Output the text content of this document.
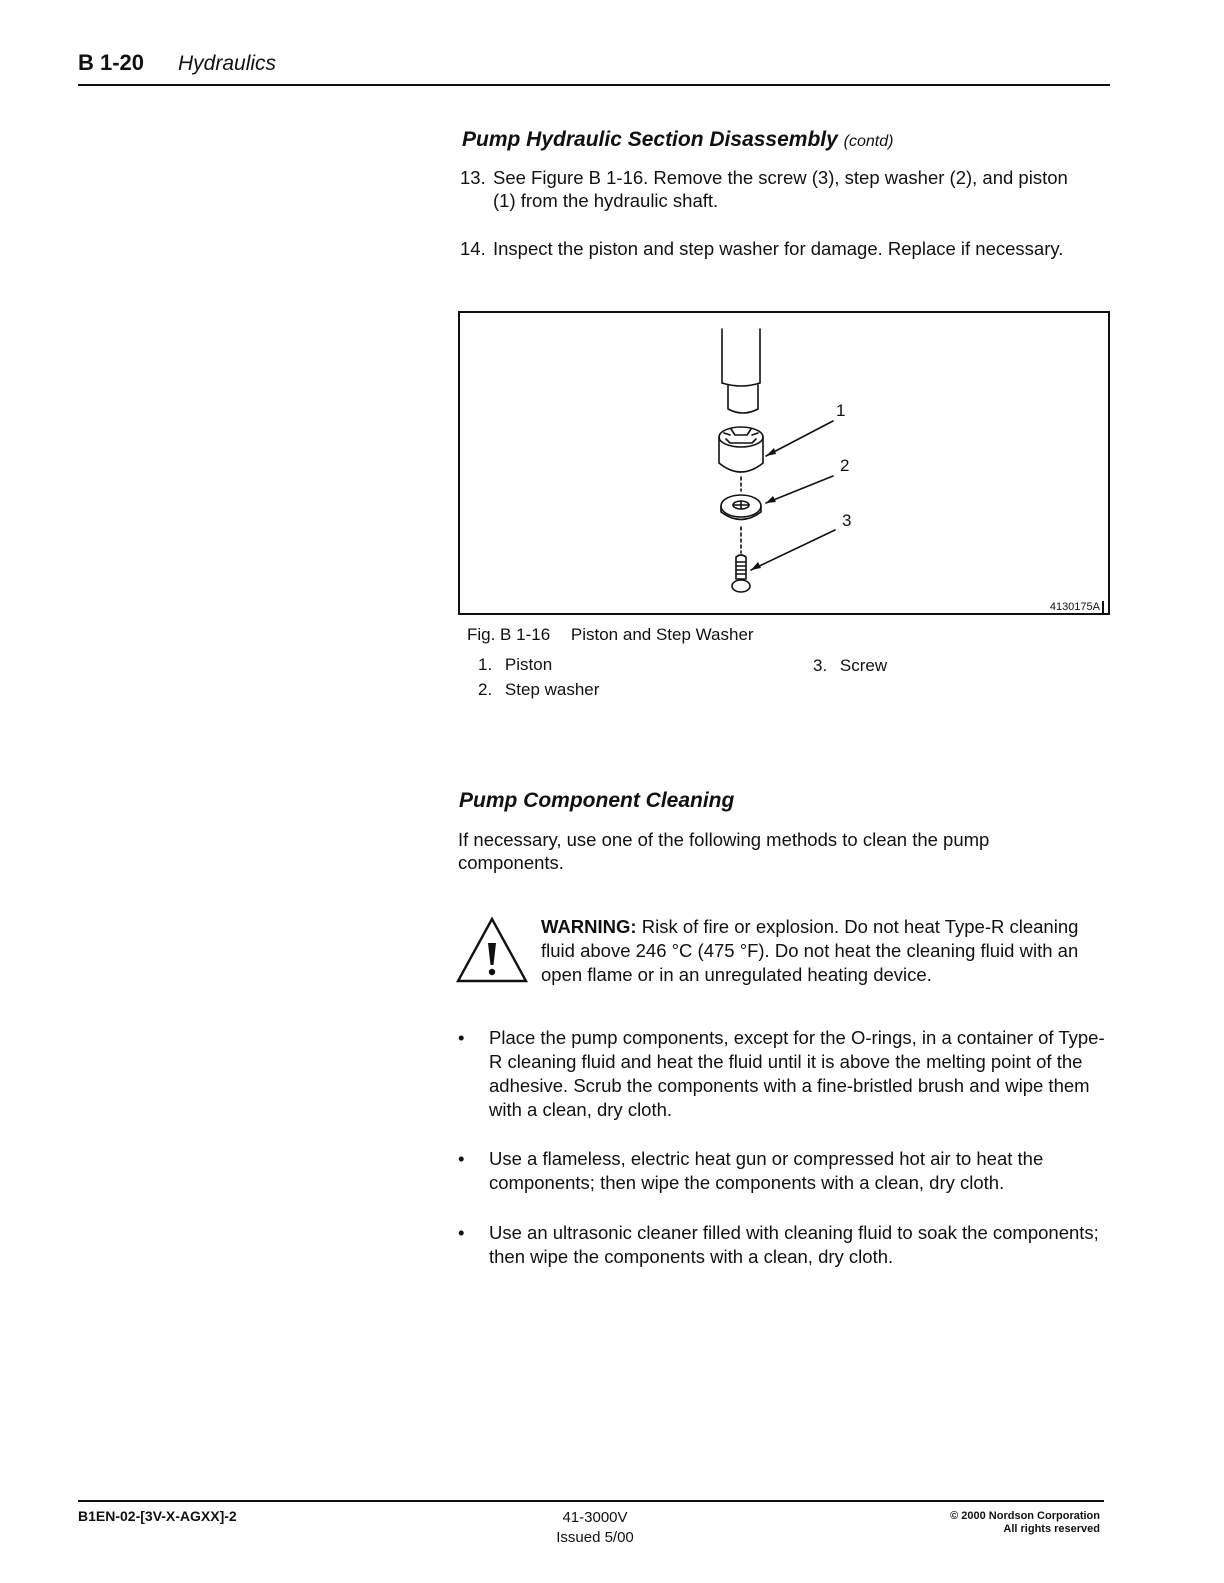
B 1-20 Hydraulics
Pump Hydraulic Section Disassembly (contd)
13. See Figure B 1-16. Remove the screw (3), step washer (2), and piston (1) from the hydraulic shaft.
14. Inspect the piston and step washer for damage. Replace if necessary.
1
2
3
4130175A
Fig. B 1-16 Piston and Step Washer
1. Piston
2. Step washer
3. Screw
Pump Component Cleaning
If necessary, use one of the following methods to clean the pump components.
WARNING: Risk of fire or explosion. Do not heat Type-R cleaning fluid above 246 °C (475 °F). Do not heat the cleaning fluid with an open flame or in an unregulated heating device.
• Place the pump components, except for the O-rings, in a container of Type-R cleaning fluid and heat the fluid until it is above the melting point of the adhesive. Scrub the components with a fine-bristled brush and wipe them with a clean, dry cloth.
• Use a flameless, electric heat gun or compressed hot air to heat the components; then wipe the components with a clean, dry cloth.
• Use an ultrasonic cleaner filled with cleaning fluid to soak the components; then wipe the components with a clean, dry cloth.
B1EN-02-[3V-X-AGXX]-2	41-3000V
Issued 5/00
© 2000 Nordson Corporation
All rights reserved
